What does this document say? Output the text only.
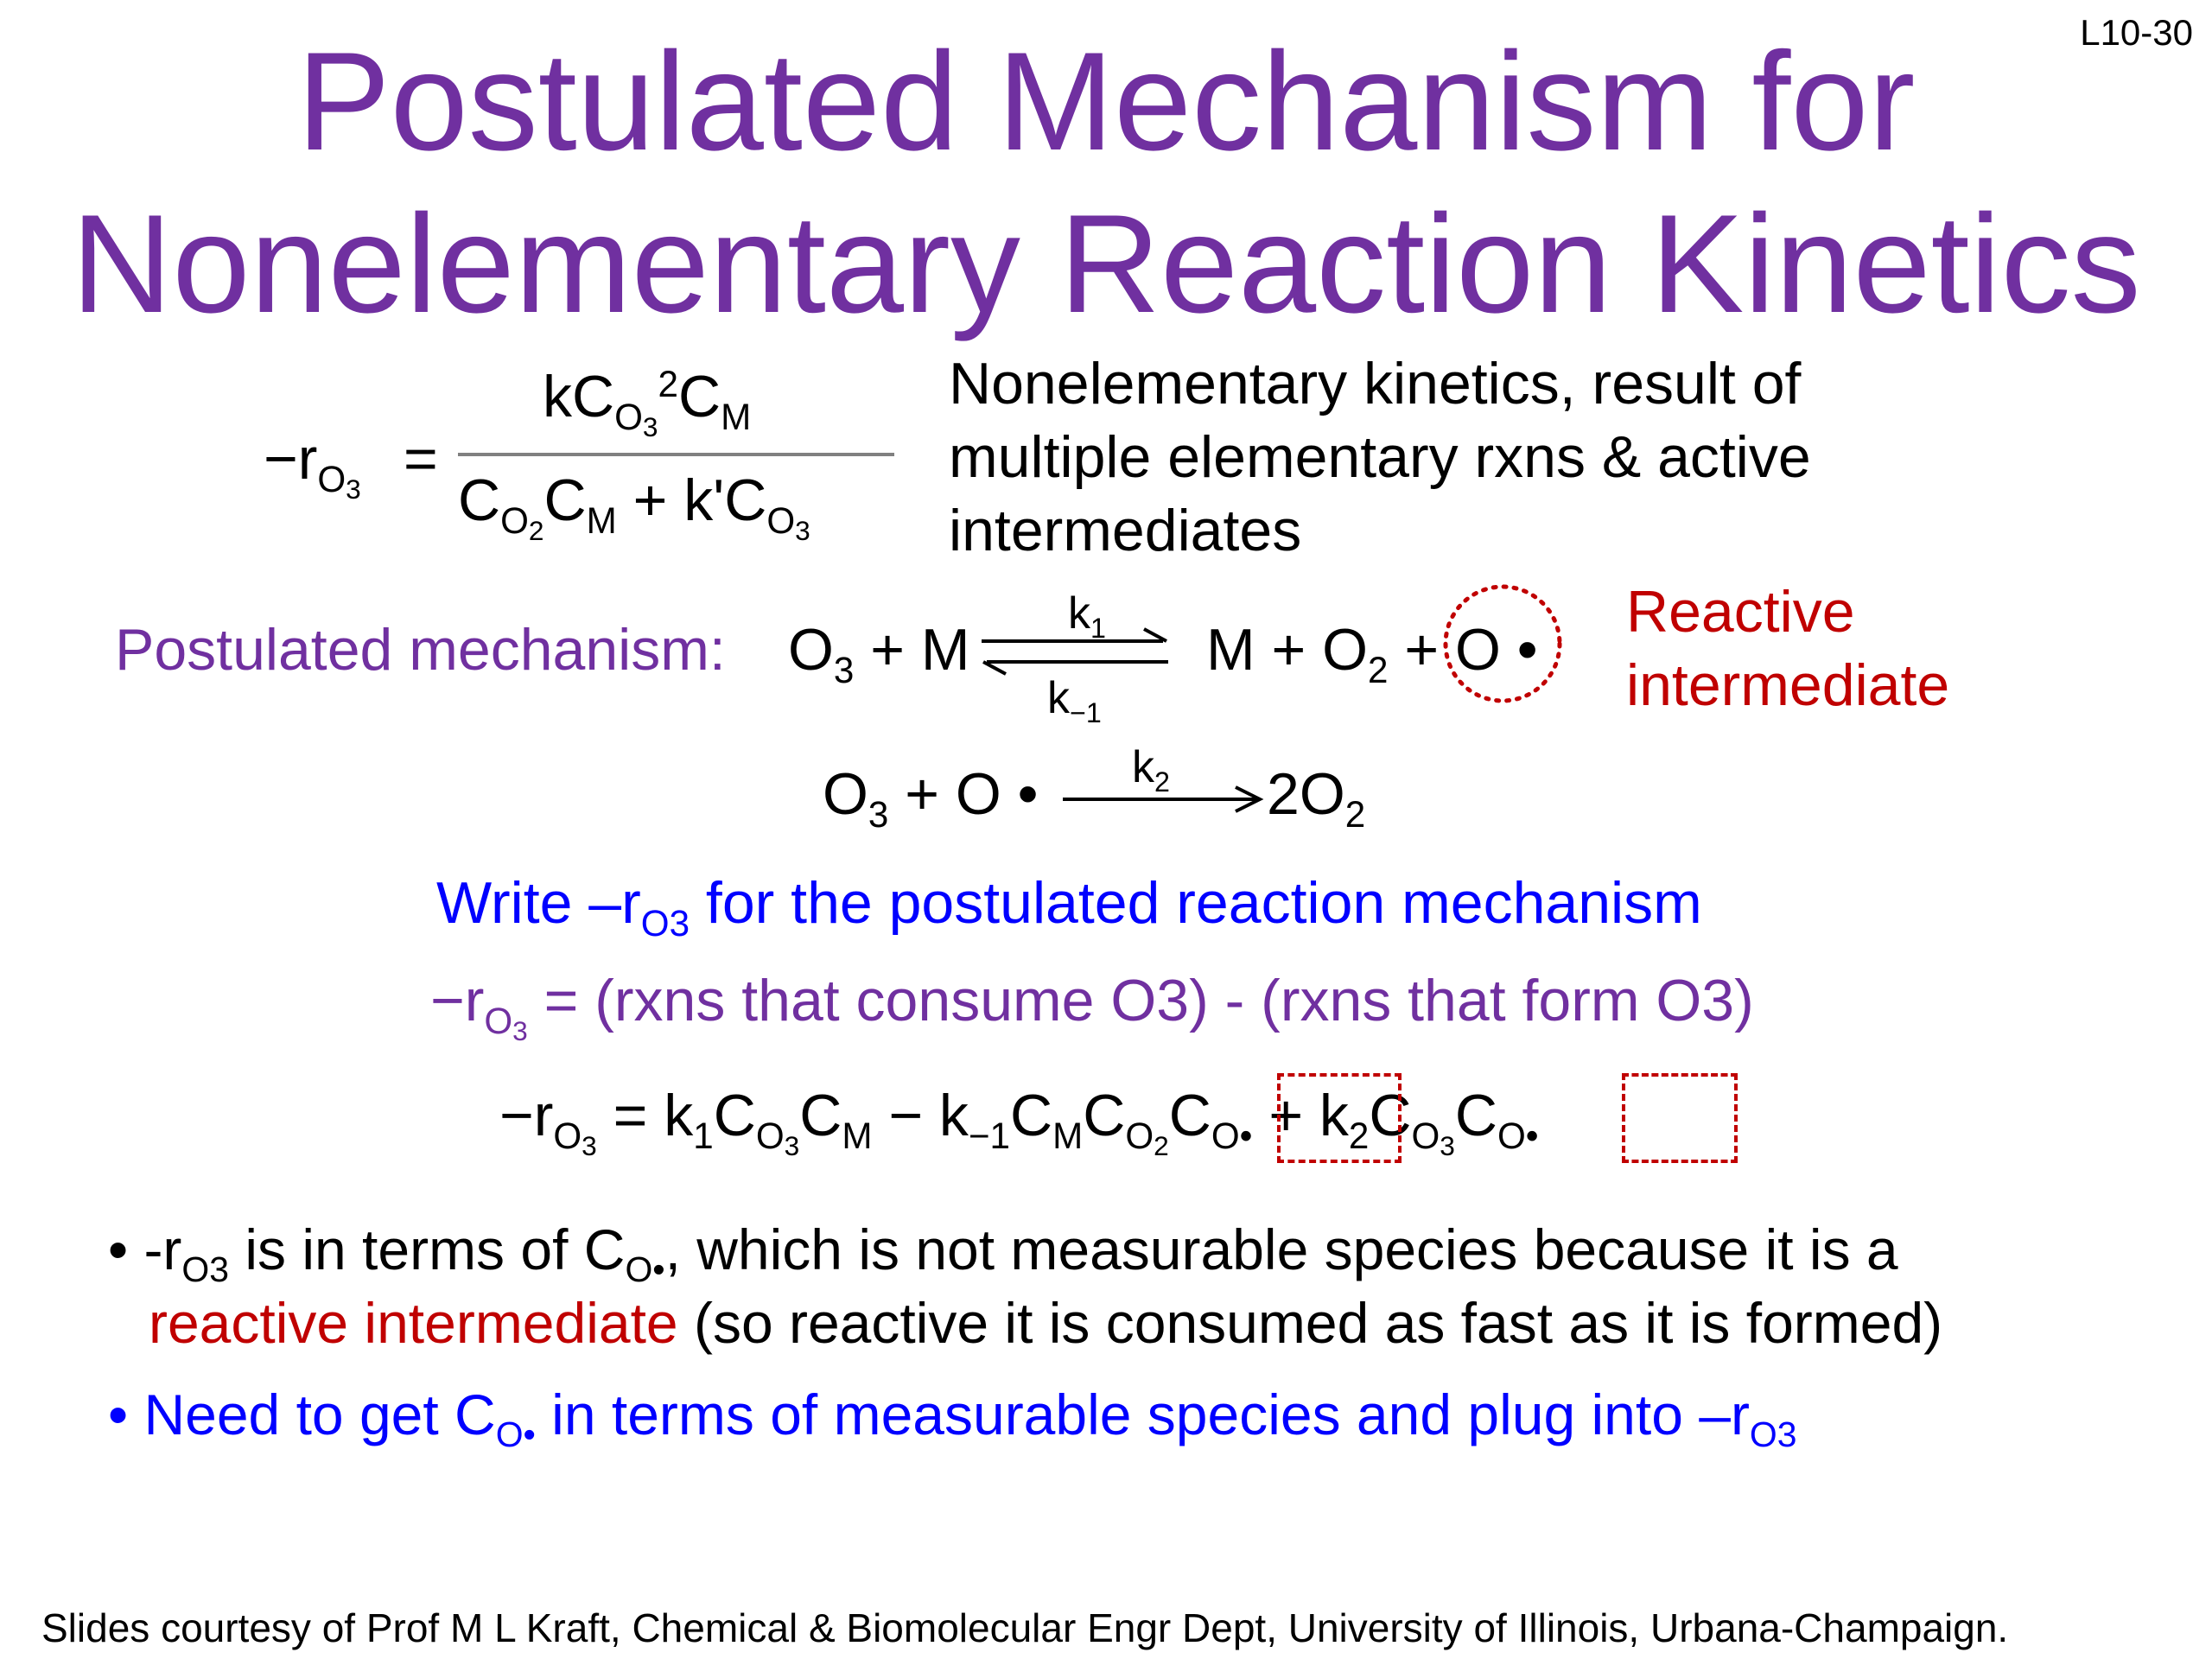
L10-30
Postulated Mechanism for
Nonelementary Reaction Kinetics
$-r_{O_3}$ =
$kC_{O_3}^2C_M$
$C_{O_2}C_M + k'C_{O_3}$
Nonelementary kinetics, result of
multiple elementary rxns & active
intermediates
Postulated mechanism: $O_3 + M$
$k_1$
$k_{-1}$
$M + O_2 + O$ •
Reactive
intermediate
$O_3 + O$ • $k_2$ $2O_2$
Write $-r_{O3}$ for the postulated reaction mechanism
$-r_{O_3}$ = (rxns that consume O3) - (rxns that form O3)
$-r_{O_3} = k_1C_{O_3}C_M - k_{-1}C_MC_{O_2}C_{O•} + k_2C_{O_3}C_{O•}$
• $-r_{O3}$ is in terms of $C_{O•}$, which is not measurable species because it is a
reactive intermediate (so reactive it is consumed as fast as it is formed)
• Need to get $C_{O•}$ in terms of measurable species and plug into $-r_{O3}$
Slides courtesy of Prof M L Kraft, Chemical & Biomolecular Engr Dept, University of Illinois, Urbana-Champaign.
